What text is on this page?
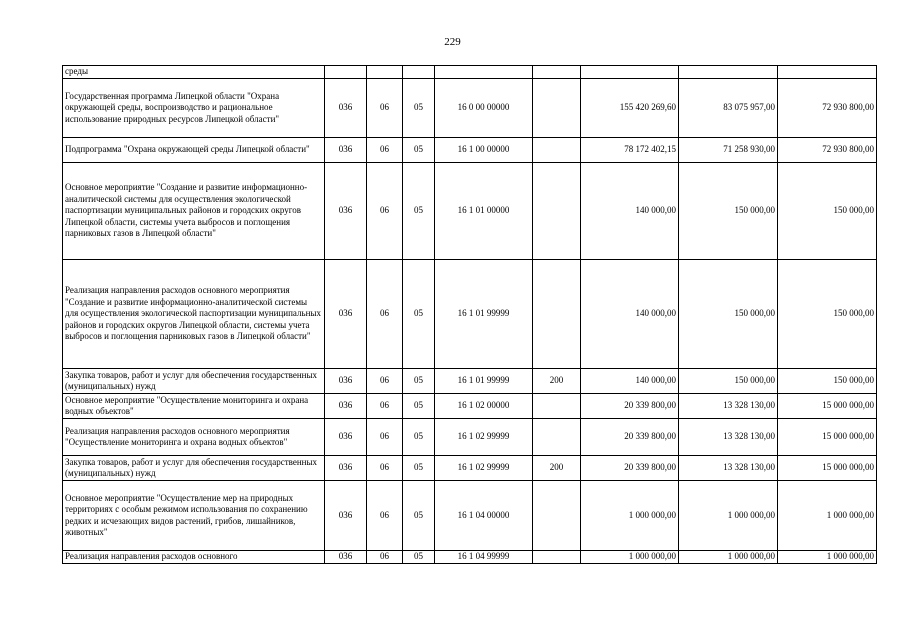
229
среды								
Государственная программа Липецкой области "Охрана окружающей среды, воспроизводство и рациональное использование природных ресурсов Липецкой области"	036	06	05	16 0 00 00000		155 420 269,60	83 075 957,00	72 930 800,00
Подпрограмма "Охрана окружающей среды Липецкой области"	036	06	05	16 1 00 00000		78 172 402,15	71 258 930,00	72 930 800,00
Основное мероприятие "Создание и развитие информационно-аналитической системы для осуществления экологической паспортизации муниципальных районов и городских округов Липецкой области, системы учета выбросов и поглощения парниковых газов в Липецкой области"	036	06	05	16 1 01 00000		140 000,00	150 000,00	150 000,00
Реализация направления расходов основного мероприятия "Создание и развитие информационно-аналитической системы для осуществления экологической паспортизации муниципальных районов и городских округов Липецкой области, системы учета выбросов и поглощения парниковых газов в Липецкой области"	036	06	05	16 1 01 99999		140 000,00	150 000,00	150 000,00
Закупка товаров, работ и услуг для обеспечения государственных (муниципальных) нужд	036	06	05	16 1 01 99999	200	140 000,00	150 000,00	150 000,00
Основное мероприятие "Осуществление мониторинга и охрана водных объектов"	036	06	05	16 1 02 00000		20 339 800,00	13 328 130,00	15 000 000,00
Реализация направления расходов основного мероприятия "Осуществление мониторинга и охрана водных объектов"	036	06	05	16 1 02 99999		20 339 800,00	13 328 130,00	15 000 000,00
Закупка товаров, работ и услуг для обеспечения государственных (муниципальных) нужд	036	06	05	16 1 02 99999	200	20 339 800,00	13 328 130,00	15 000 000,00
Основное мероприятие "Осуществление мер на природных территориях с особым режимом использования по сохранению редких и исчезающих видов растений, грибов, лишайников, животных"	036	06	05	16 1 04 00000		1 000 000,00	1 000 000,00	1 000 000,00
Реализация направления расходов основного	036	06	05	16 1 04 99999		1 000 000,00	1 000 000,00	1 000 000,00
